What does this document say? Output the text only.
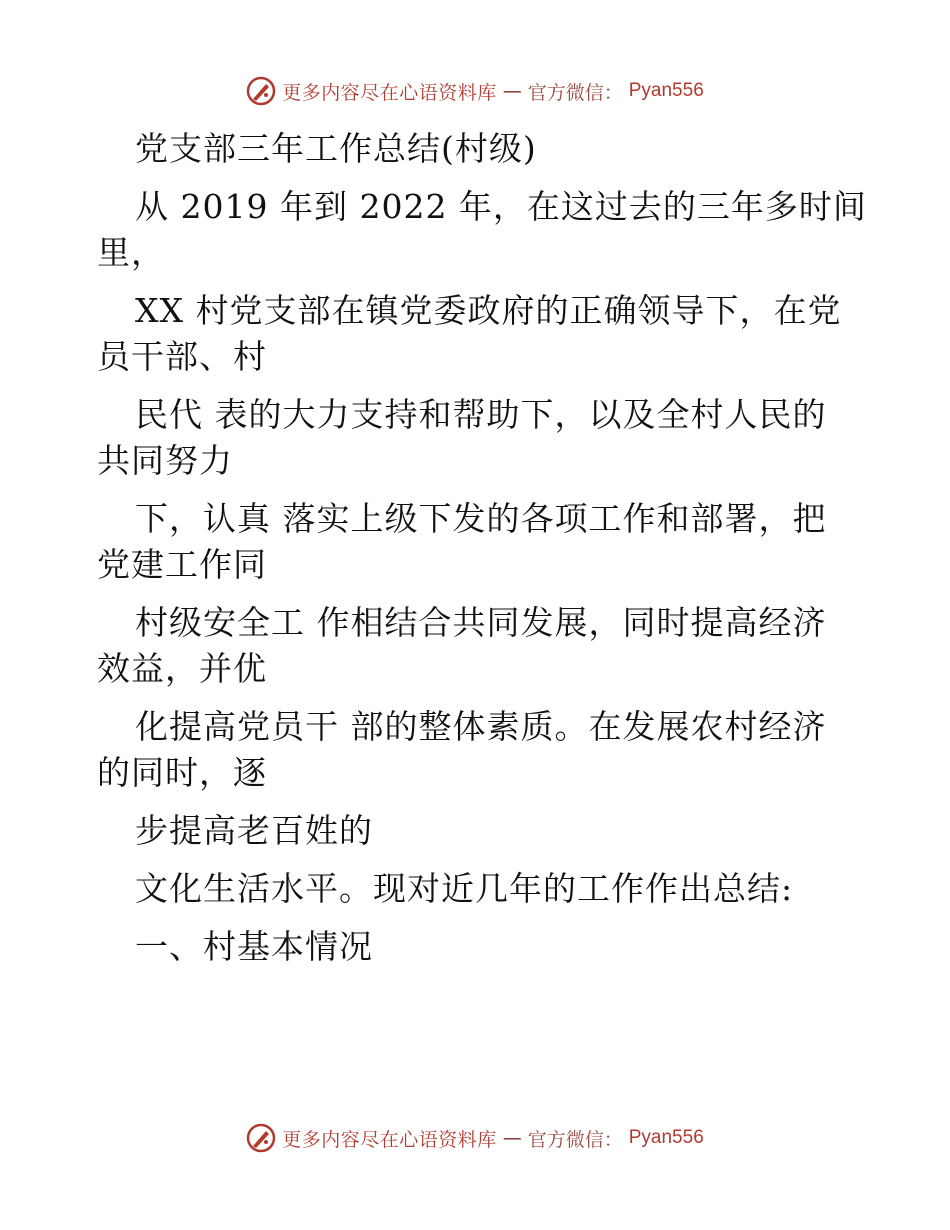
更多内容尽在心语资料库 — 官方微信： Pyan556
党支部三年工作总结(村级)
从 2019 年到 2022 年，在这过去的三年多时间
里，
XX 村党支部在镇党委政府的正确领导下，在党
员干部、村
民代 表的大力支持和帮助下，以及全村人民的
共同努力
下，认真 落实上级下发的各项工作和部署，把
党建工作同
村级安全工 作相结合共同发展，同时提高经济
效益，并优
化提高党员干 部的整体素质。在发展农村经济
的同时，逐
步提高老百姓的
文化生活水平。现对近几年的工作作出总结:
一、村基本情况
更多内容尽在心语资料库 — 官方微信： Pyan556
